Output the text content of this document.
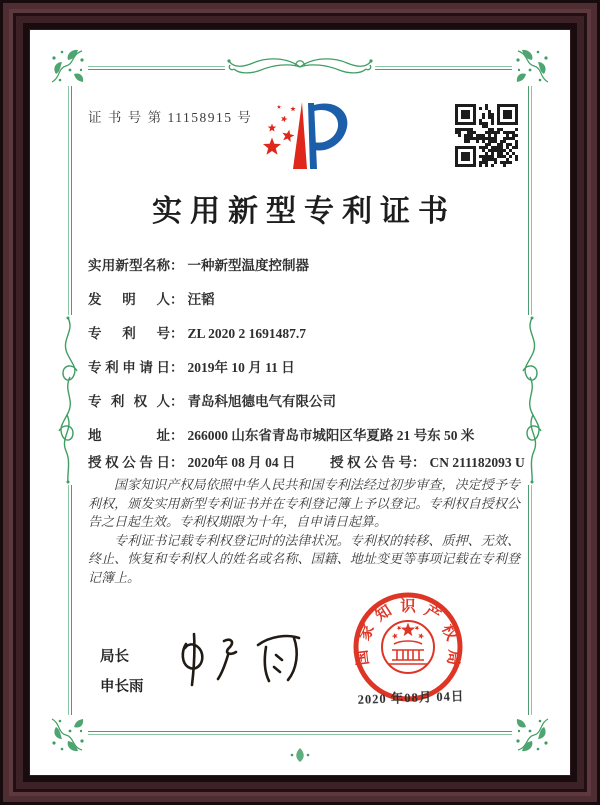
证 书 号 第 11158915 号
实用新型专利证书
实用新型名称： 一种新型温度控制器
发明人： 汪韬
专利号： ZL 2020 2 1691487.7
专利申请日： 2019年 10 月 11 日
专利权人： 青岛科旭德电气有限公司
地址： 266000 山东省青岛市城阳区华夏路 21 号东 50 米
授权公告日： 2020年 08 月 04 日	授权公告号： CN 211182093 U

国家知识产权局依照中华人民共和国专利法经过初步审查，决定授予专利权，颁发实用新型专利证书并在专利登记簿上予以登记。专利权自授权公告之日起生效。专利权期限为十年，自申请日起算。

专利证书记载专利权登记时的法律状况。专利权的转移、质押、无效、终止、恢复和专利权人的姓名或名称、国籍、地址变更等事项记载在专利登记簿上。

局长
申长雨
国
家
知 识 产
权
局
2020 年08月 04日
